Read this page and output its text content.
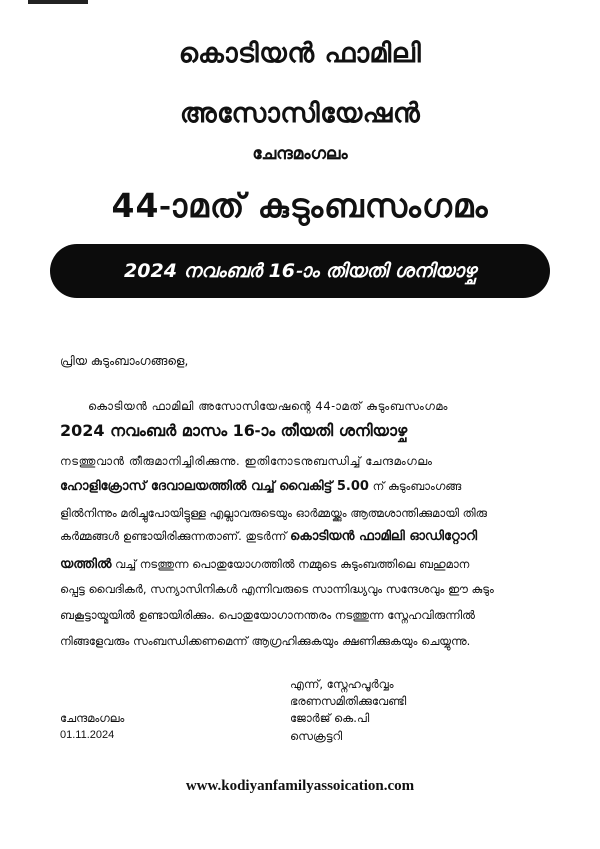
കൊടിയൻ ഫാമിലി
അസോസിയേഷൻ
ചേന്ദമംഗലം
44-ാമത് കുടുംബസംഗമം
2024 നവംബർ 16-ാം തിയതി ശനിയാഴ്ച
പ്രിയ കുടുംബാംഗങ്ങളെ,
കൊടിയൻ ഫാമിലി അസോസിയേഷന്റെ 44-ാമത് കുടുംബസംഗമം
2024 നവംബർ മാസം 16-ാം തീയതി ശനിയാഴ്ച
നടത്തുവാൻ തീരുമാനിച്ചിരിക്കുന്നു. ഇതിനോടനുബന്ധിച്ച് ചേന്ദമംഗലം
ഹോളിക്രോസ് ദേവാലയത്തിൽ വച്ച് വൈകിട്ട് 5.00 ന് കുടുംബാംഗങ്ങ
ളിൽനിന്നും മരിച്ചുപോയിട്ടുള്ള എല്ലാവരുടെയും ഓർമ്മയ്ക്കും ആത്മശാന്തിക്കുമായി തിരു
കർമ്മങ്ങൾ ഉണ്ടായിരിക്കുന്നതാണ്. തുടർന്ന് കൊടിയൻ ഫാമിലി ഓഡിറ്റോറി
യത്തിൽ വച്ച് നടത്തുന്ന പൊതുയോഗത്തിൽ നമ്മുടെ കുടുംബത്തിലെ ബഹുമാന
പ്പെട്ട വൈദികർ, സന്യാസിനികൾ എന്നിവരുടെ സാന്നിദ്ധ്യവും സന്ദേശവും ഈ കുടും
ബകൂട്ടായ്മയിൽ ഉണ്ടായിരിക്കും. പൊതുയോഗാനന്തരം നടത്തുന്ന സ്നേഹവിരുന്നിൽ
നിങ്ങളേവരും സംബന്ധിക്കണമെന്ന് ആഗ്രഹിക്കുകയും ക്ഷണിക്കുകയും ചെയ്യുന്നു.
എന്ന്, സ്നേഹപൂർവ്വം
ഭരണസമിതിക്കുവേണ്ടി
ജോർജ് കെ.പി
സെക്രട്ടറി
ചേന്ദമംഗലം
01.11.2024
www.kodiyanfamilyassoication.com
